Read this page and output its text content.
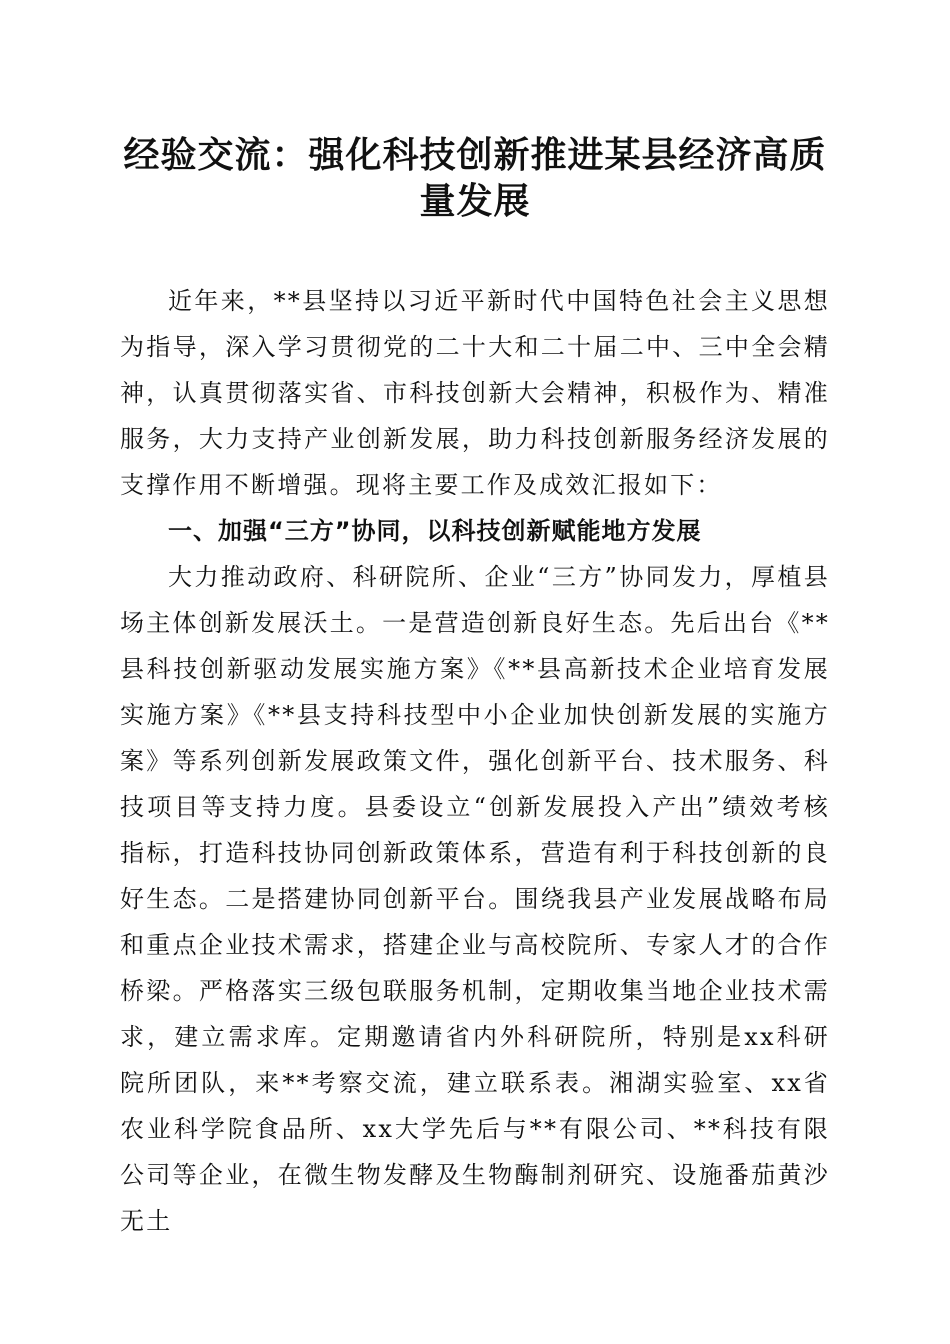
经验交流：强化科技创新推进某县经济高质量发展

近年来，**县坚持以习近平新时代中国特色社会主义思想为指导，深入学习贯彻党的二十大和二十届二中、三中全会精神，认真贯彻落实省、市科技创新大会精神，积极作为、精准服务，大力支持产业创新发展，助力科技创新服务经济发展的支撑作用不断增强。现将主要工作及成效汇报如下：

一、加强“三方”协同，以科技创新赋能地方发展

大力推动政府、科研院所、企业“三方”协同发力，厚植县场主体创新发展沃土。一是营造创新良好生态。先后出台《**县科技创新驱动发展实施方案》《**县高新技术企业培育发展实施方案》《**县支持科技型中小企业加快创新发展的实施方案》等系列创新发展政策文件，强化创新平台、技术服务、科技项目等支持力度。县委设立“创新发展投入产出”绩效考核指标，打造科技协同创新政策体系，营造有利于科技创新的良好生态。二是搭建协同创新平台。围绕我县产业发展战略布局和重点企业技术需求，搭建企业与高校院所、专家人才的合作桥梁。严格落实三级包联服务机制，定期收集当地企业技术需求，建立需求库。定期邀请省内外科研院所，特别是xx科研院所团队，来**考察交流，建立联系表。湘湖实验室、xx省农业科学院食品所、xx大学先后与**有限公司、**科技有限公司等企业，在微生物发酵及生物酶制剂研究、设施番茄黄沙无土
